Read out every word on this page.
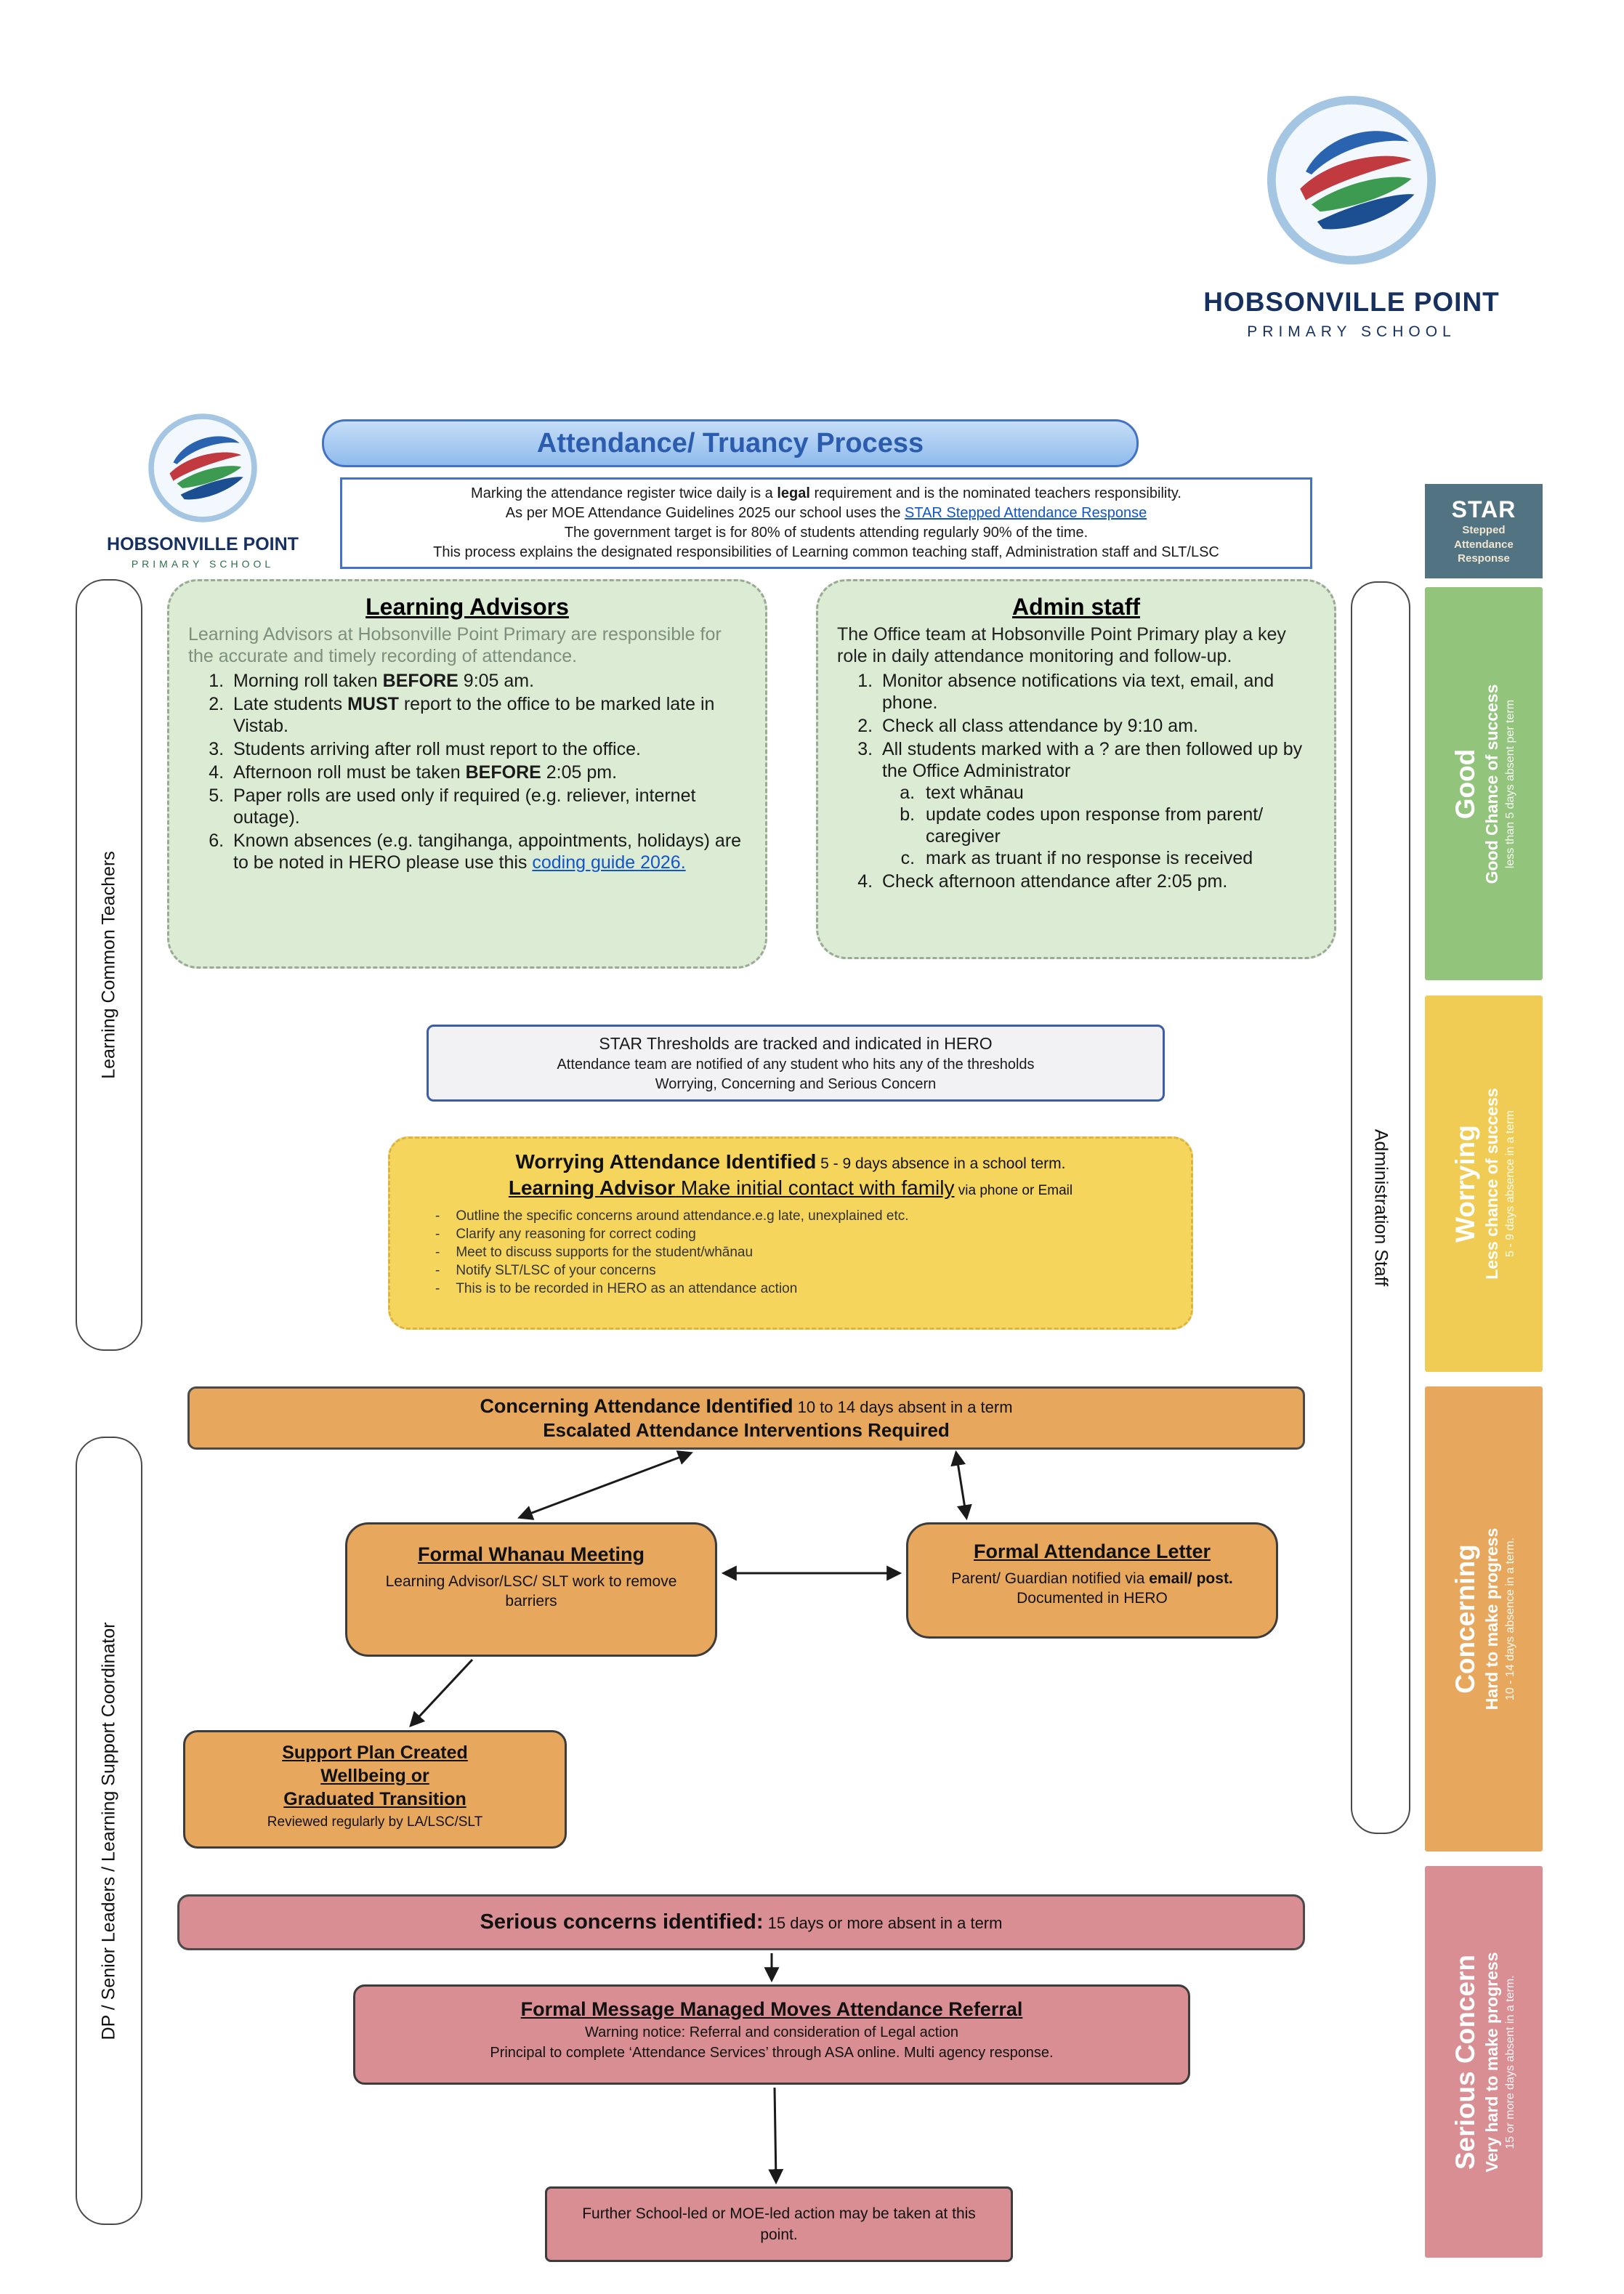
HOBSONVILLE POINT
PRIMARY SCHOOL
HOBSONVILLE POINT
PRIMARY SCHOOL
Attendance/ Truancy Process
Marking the attendance register twice daily is a legal requirement and is the nominated teachers responsibility.
As per MOE Attendance Guidelines 2025 our school uses the STAR Stepped Attendance Response
The government target is for 80% of students attending regularly 90% of the time.
This process explains the designated responsibilities of Learning common teaching staff, Administration staff and SLT/LSC
STAR
Stepped
Attendance
Response
Good Good Chance of success less than 5 days absent per term
Worrying Less chance of success 5 - 9 days absence in a term
Concerning Hard to make progress 10 - 14 days absence in a term.
Serious Concern Very hard to make progress 15 or more days absent in a term.
Learning Common Teachers
DP / Senior Leaders / Learning Support Coordinator
Administration Staff
Learning Advisors
Learning Advisors at Hobsonville Point Primary are responsible for the accurate and timely recording of attendance.
1. Morning roll taken BEFORE 9:05 am.
2. Late students MUST report to the office to be marked late in Vistab.
3. Students arriving after roll must report to the office.
4. Afternoon roll must be taken BEFORE 2:05 pm.
5. Paper rolls are used only if required (e.g. reliever, internet outage).
6. Known absences (e.g. tangihanga, appointments, holidays) are to be noted in HERO please use this coding guide 2026.
Admin staff
The Office team at Hobsonville Point Primary play a key role in daily attendance monitoring and follow-up.
1. Monitor absence notifications via text, email, and phone.
2. Check all class attendance by 9:10 am.
3. All students marked with a ? are then followed up by the Office Administrator
a. text whānau
b. update codes upon response from parent/ caregiver
c. mark as truant if no response is received
4. Check afternoon attendance after 2:05 pm.
STAR Thresholds are tracked and indicated in HERO
Attendance team are notified of any student who hits any of the thresholds
Worrying, Concerning and Serious Concern
Worrying Attendance Identified 5 - 9 days absence in a school term.
Learning Advisor Make initial contact with family via phone or Email
- Outline the specific concerns around attendance.e.g late, unexplained etc.
- Clarify any reasoning for correct coding
- Meet to discuss supports for the student/whānau
- Notify SLT/LSC of your concerns
- This is to be recorded in HERO as an attendance action
Concerning Attendance Identified 10 to 14 days absent in a term
Escalated Attendance Interventions Required
Formal Whanau Meeting
Learning Advisor/LSC/ SLT work to remove barriers
Formal Attendance Letter
Parent/ Guardian notified via email/ post. Documented in HERO
Support Plan Created
Wellbeing or
Graduated Transition
Reviewed regularly by LA/LSC/SLT
Serious concerns identified: 15 days or more absent in a term
Formal Message Managed Moves Attendance Referral
Warning notice: Referral and consideration of Legal action
Principal to complete ‘Attendance Services’ through ASA online. Multi agency response.
Further School-led or MOE-led action may be taken at this point.
